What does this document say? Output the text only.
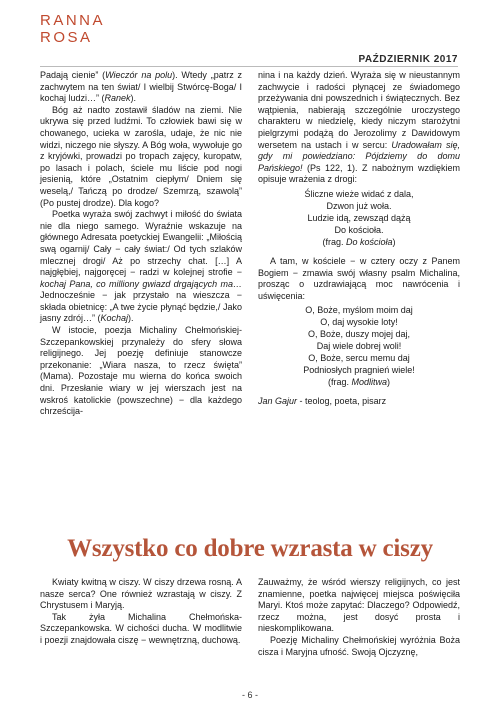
RANNA
ROSA
PAŹDZIERNIK 2017

Padają cienie” (Wieczór na polu). Wtedy „patrz z zachwytem na ten świat/ I wielbij Stwórcę-Boga/ I kochaj ludzi…” (Ranek).

Bóg aż nadto zostawił śladów na ziemi. Nie ukrywa się przed ludźmi. To człowiek bawi się w chowanego, ucieka w zarośla, udaje, że nic nie widzi, niczego nie słyszy. A Bóg woła, wywołuje go z kryjówki, prowadzi po tropach zajęcy, kuropatw, po lasach i polach, ściele mu liście pod nogi jesienią, które „Ostatnim ciepłym/ Dniem się weselą,/ Tańczą po drodze/ Szemrzą, szawolą” (Po pustej drodze). Dla kogo?

Poetka wyraża swój zachwyt i miłość do świata nie dla niego samego. Wyraźnie wskazuje na głównego Adresata poetyckiej Ewangelii: „Miłością swą ogarnij/ Cały − cały świat:/ Od tych szlaków mlecznej drogi/ Aż po strzechy chat. […] A najgłębiej, najgoręcej − radzi w kolejnej strofie − kochaj Pana, co milliony gwiazd drgających ma… Jednocześnie − jak przystało na wieszcza − składa obietnicę: „A twe życie płynąć będzie,/ Jako jasny zdrój…” (Kochaj).

W istocie, poezja Michaliny Chełmońskiej-Szczepankowskiej przynależy do sfery słowa religijnego. Jej poezję definiuje stanowcze przekonanie: „Wiara nasza, to rzecz święta” (Mama). Pozostaje mu wierna do końca swoich dni. Przesłanie wiary w jej wierszach jest na wskroś katolickie (powszechne) − dla każdego chrześcija-

nina i na każdy dzień. Wyraża się w nieustannym zachwycie i radości płynącej ze świadomego przeżywania dni powszednich i świątecznych. Bez wątpienia, nabierają szczególnie uroczystego charakteru w niedzielę, kiedy niczym starożytni pielgrzymi podążą do Jerozolimy z Dawidowym wersetem na ustach i w sercu: Uradowałam się, gdy mi powiedziano: Pójdziemy do domu Pańskiego! (Ps 122, 1). Z nabożnym wzdiękiem opisuje wrażenia z drogi:

Śliczne wieże widać z dala,
Dzwon już woła.
Ludzie idą, zewsząd dążą
Do kościoła.
(frag. Do kościoła)

A tam, w kościele − w cztery oczy z Panem Bogiem − zmawia swój własny psalm Michalina, prosząc o uzdrawiającą moc nawrócenia i uświęcenia:

O, Boże, myślom moim daj
O, daj wysokie loty!
O, Boże, duszy mojej daj,
Daj wiele dobrej woli!
O, Boże, sercu memu daj
Podniosłych pragnień wiele!
(frag. Modlitwa)

Jan Gajur - teolog, poeta, pisarz

Wszystko co dobre wzrasta w ciszy

Kwiaty kwitną w ciszy. W ciszy drzewa rosną. A nasze serca? One również wzrastają w ciszy. Z Chrystusem i Maryją.

Tak żyła Michalina Chełmońska-Szczepankowska. W cichości ducha. W modlitwie i poezji znajdowała ciszę − wewnętrzną, duchową.

Zauważmy, że wśród wierszy religijnych, co jest znamienne, poetka najwięcej miejsca poświęciła Maryi. Ktoś może zapytać: Dlaczego? Odpowiedź, rzecz można, jest dosyć prosta i nieskomplikowana.

Poezję Michaliny Chełmońskiej wyróżnia Boża cisza i Maryjna ufność. Swoją Ojczyznę,

- 6 -
